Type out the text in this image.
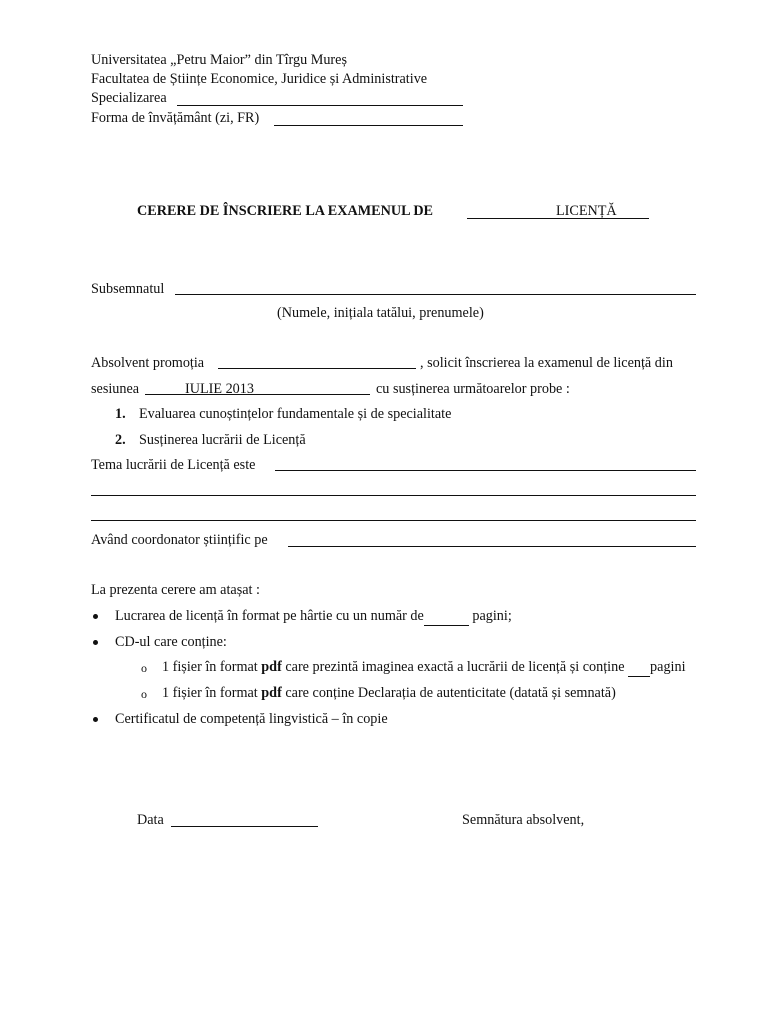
Universitatea „Petru Maior” din Tîrgu Mureș
Facultatea de Științe Economice, Juridice și Administrative
Specializarea
Forma de învățământ (zi, FR)
CERERE DE ÎNSCRIERE LA EXAMENUL DE	LICENȚĂ
Subsemnatul
(Numele, inițiala tatălui, prenumele)
Absolvent promoția	, solicit înscrierea la examenul de licență din
sesiunea	IULIE 2013	cu susținerea următoarelor probe :
1. Evaluarea cunoștințelor fundamentale și de specialitate
2. Susținerea lucrării de Licență
Tema lucrării de Licență este
Având coordonator științific pe
La prezenta cerere am atașat :
Lucrarea de licență în format pe hârtie cu un număr de	pagini;
CD-ul care conține:
o 1 fișier în format pdf care prezintă imaginea exactă a lucrării de licență și conține pagini
o 1 fișier în format pdf care conține Declarația de autenticitate (datată și semnată)
Certificatul de competență lingvistică – în copie
Data	Semnătura absolvent,
